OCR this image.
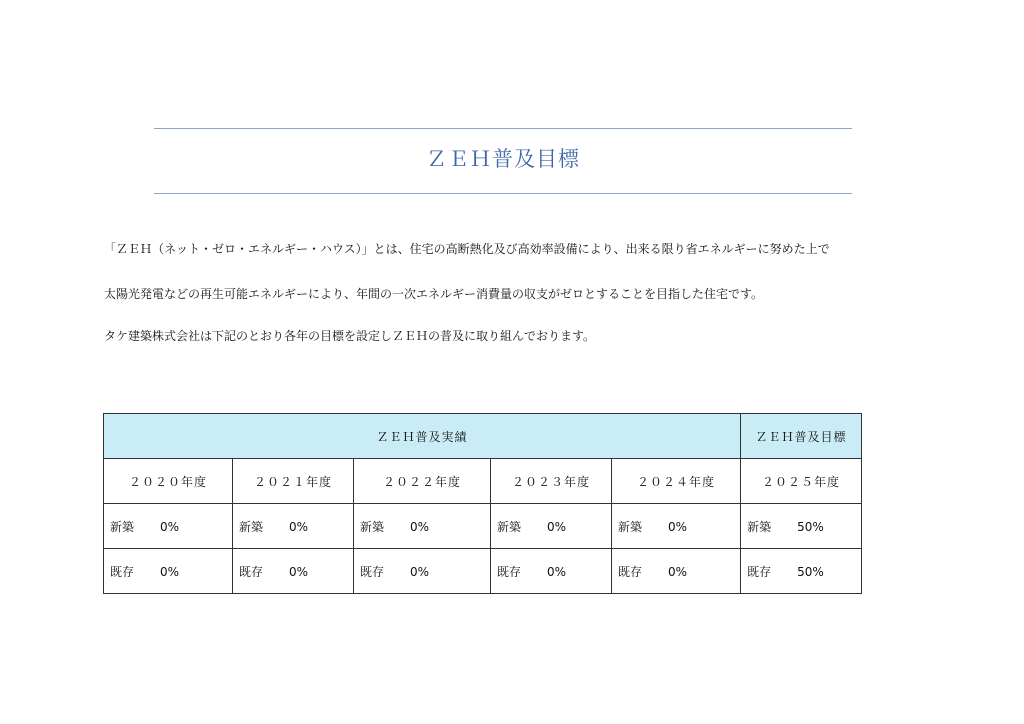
ＺＥＨ普及目標
「ＺＥＨ（ネット・ゼロ・エネルギー・ハウス）」とは、住宅の高断熱化及び高効率設備により、出来る限り省エネルギーに努めた上で
太陽光発電などの再生可能エネルギーにより、年間の一次エネルギー消費量の収支がゼロとすることを目指した住宅です。
タケ建築株式会社は下記のとおり各年の目標を設定しＺＥＨの普及に取り組んでおります。
ＺＥＨ普及実績					ＺＥＨ普及目標
２０２０年度	２０２１年度	２０２２年度	２０２３年度	２０２４年度	２０２５年度
新築 0%	新築 0%	新築 0%	新築 0%	新築 0%	新築 50%
既存 0%	既存 0%	既存 0%	既存 0%	既存 0%	既存 50%
